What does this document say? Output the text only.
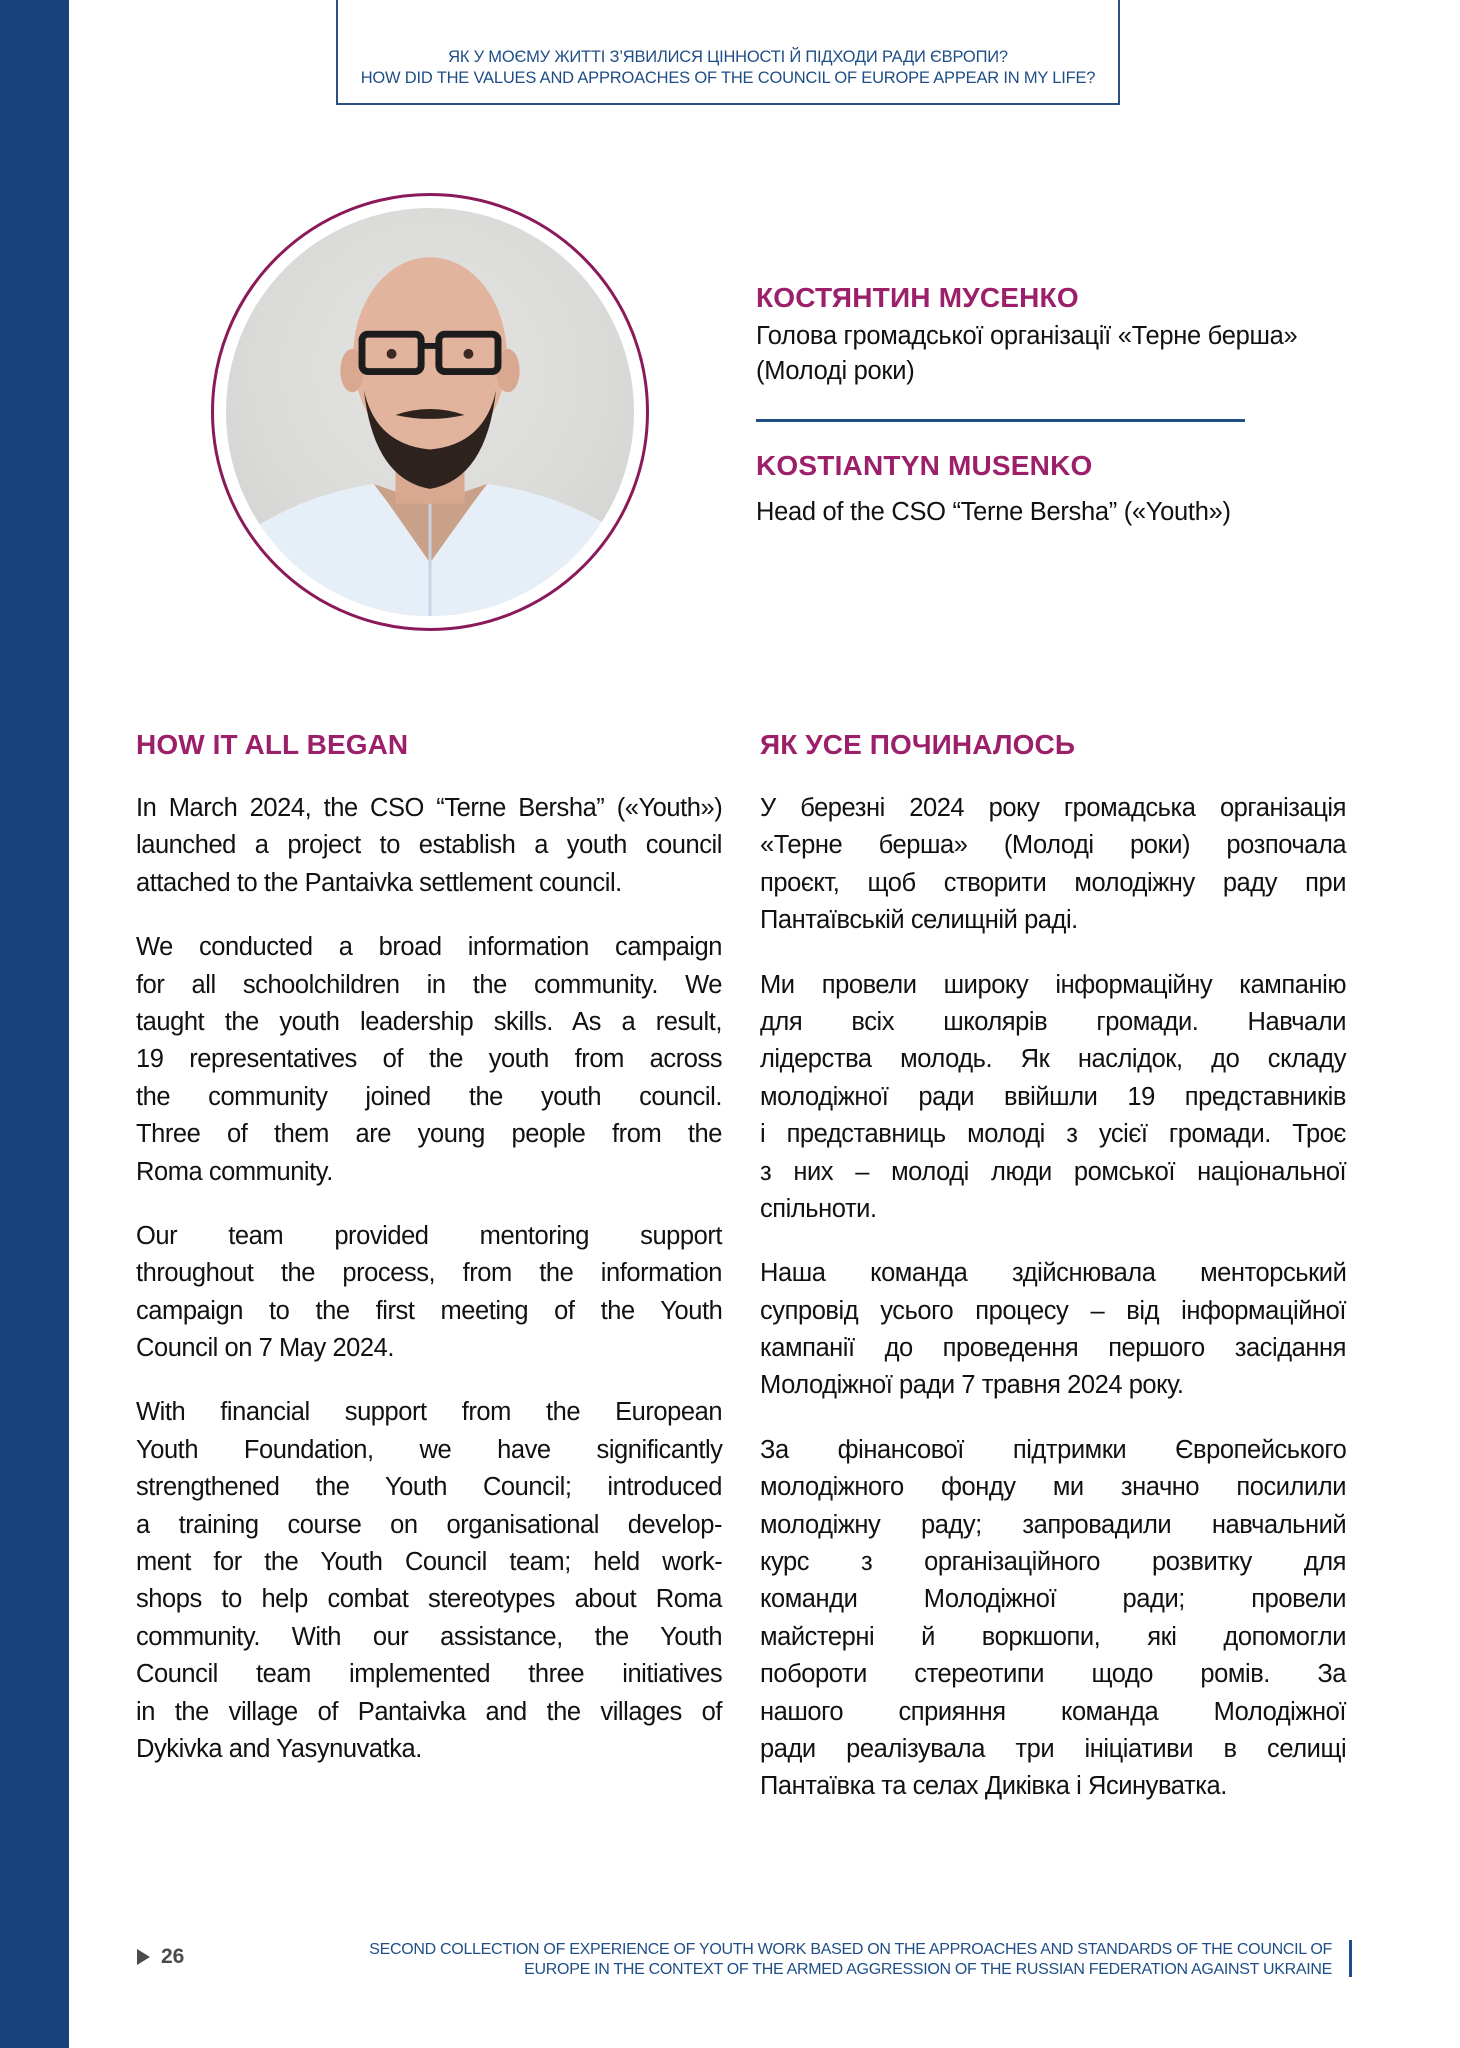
ЯК У МОЄМУ ЖИТТІ З’ЯВИЛИСЯ ЦІННОСТІ Й ПІДХОДИ РАДИ ЄВРОПИ?
HOW DID THE VALUES AND APPROACHES OF THE COUNCIL OF EUROPE APPEAR IN MY LIFE?
КОСТЯНТИН МУСЕНКО
Голова громадської організації «Терне берша»
(Молоді роки)
KOSTIANTYN MUSENKO
Head of the CSO “Terne Bersha” («Youth»)
HOW IT ALL BEGAN
In March 2024, the CSO “Terne Bersha” («Youth»)
launched a project to establish a youth council
attached to the Pantaivka settlement council.
We conducted a broad information campaign
for all schoolchildren in the community. We
taught the youth leadership skills. As a result,
19 representatives of the youth from across
the community joined the youth council.
Three of them are young people from the
Roma community.
Our team provided mentoring support
throughout the process, from the information
campaign to the first meeting of the Youth
Council on 7 May 2024.
With financial support from the European
Youth Foundation, we have significantly
strengthened the Youth Council; introduced
a training course on organisational develop-
ment for the Youth Council team; held work-
shops to help combat stereotypes about Roma
community. With our assistance, the Youth
Council team implemented three initiatives
in the village of Pantaivka and the villages of
Dykivka and Yasynuvatka.
ЯК УСЕ ПОЧИНАЛОСЬ
У березні 2024 року громадська організація
«Терне берша» (Молоді роки) розпочала
проєкт, щоб створити молодіжну раду при
Пантаївській селищній раді.
Ми провели широку інформаційну кампанію
для всіх школярів громади. Навчали
лідерства молодь. Як наслідок, до складу
молодіжної ради ввійшли 19 представників
і представниць молоді з усієї громади. Троє
з них – молоді люди ромської національної
спільноти.
Наша команда здійснювала менторський
супровід усього процесу – від інформаційної
кампанії до проведення першого засідання
Молодіжної ради 7 травня 2024 року.
За фінансової підтримки Європейського
молодіжного фонду ми значно посилили
молодіжну раду; запровадили навчальний
курс з організаційного розвитку для
команди Молодіжної ради; провели
майстерні й воркшопи, які допомогли
побороти стереотипи щодо ромів. За
нашого сприяння команда Молодіжної
ради реалізувала три ініціативи в селищі
Пантаївка та селах Диківка і Ясинуватка.
26	SECOND COLLECTION OF EXPERIENCE OF YOUTH WORK BASED ON THE APPROACHES AND STANDARDS OF THE COUNCIL OF
EUROPE IN THE CONTEXT OF THE ARMED AGGRESSION OF THE RUSSIAN FEDERATION AGAINST UKRAINE
